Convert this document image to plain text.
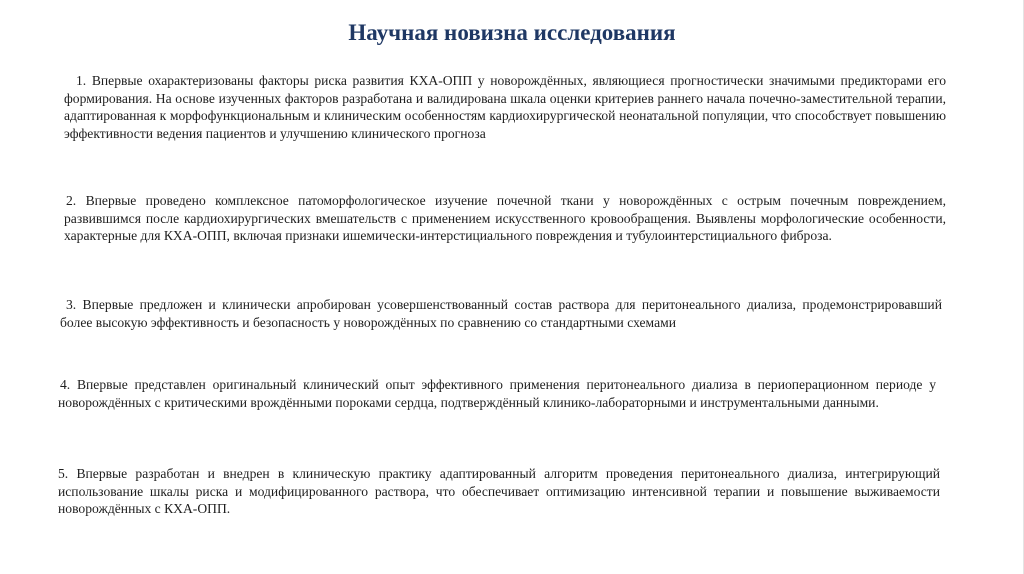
Научная новизна исследования

1. Впервые охарактеризованы факторы риска развития КХА-ОПП у новорождённых, являющиеся прогностически значимыми предикторами его формирования. На основе изученных факторов разработана и валидирована шкала оценки критериев раннего начала почечно-заместительной терапии, адаптированная к морфофункциональным и клиническим особенностям кардиохирургической неонатальной популяции, что способствует повышению эффективности ведения пациентов и улучшению клинического прогноза

2. Впервые проведено комплексное патоморфологическое изучение почечной ткани у новорождённых с острым почечным повреждением, развившимся после кардиохирургических вмешательств с применением искусственного кровообращения. Выявлены морфологические особенности, характерные для КХА-ОПП, включая признаки ишемически-интерстициального повреждения и тубулоинтерстициального фиброза.

3. Впервые предложен и клинически апробирован усовершенствованный состав раствора для перитонеального диализа, продемонстрировавший более высокую эффективность и безопасность у новорождённых по сравнению со стандартными схемами

4. Впервые представлен оригинальный клинический опыт эффективного применения перитонеального диализа в периоперационном периоде у новорождённых с критическими врождёнными пороками сердца, подтверждённый клинико-лабораторными и инструментальными данными.

5. Впервые разработан и внедрен в клиническую практику адаптированный алгоритм проведения перитонеального диализа, интегрирующий использование шкалы риска и модифицированного раствора, что обеспечивает оптимизацию интенсивной терапии и повышение выживаемости новорождённых с КХА-ОПП.
